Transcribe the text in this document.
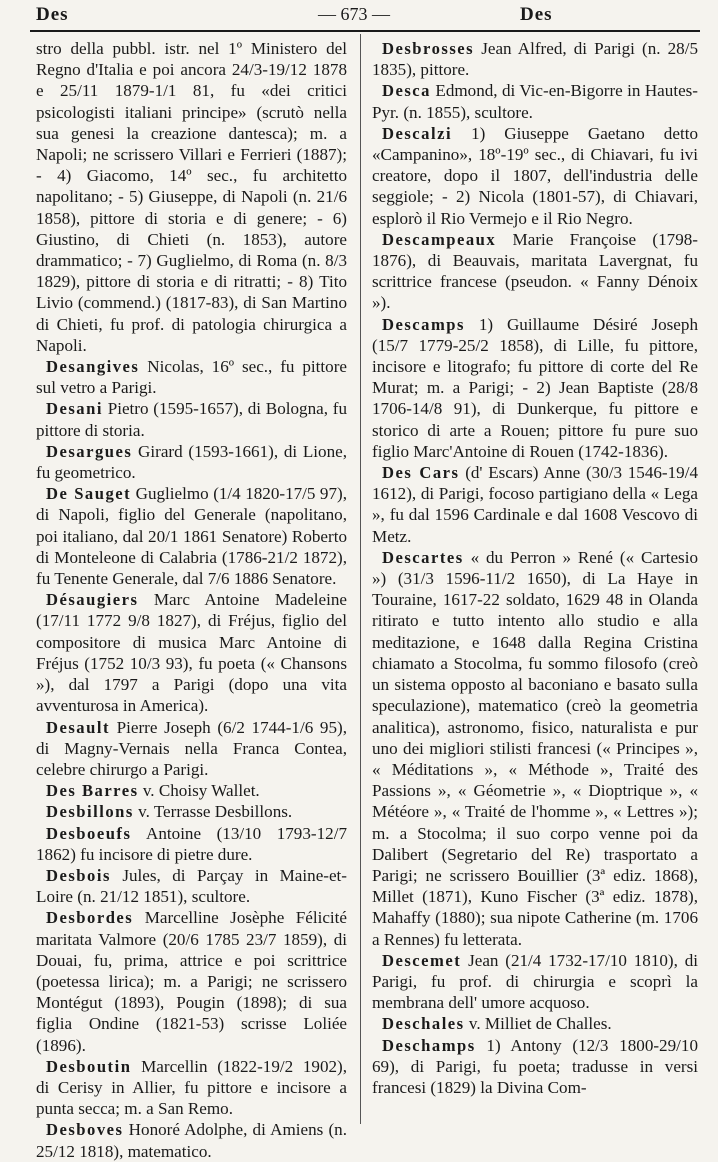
Des	— 673 —	Des

stro della pubbl. istr. nel 1º Ministero del Regno d'Italia e poi ancora 24/3-19/12 1878 e 25/11 1879-1/1 81, fu «dei critici psicologisti italiani principe» (scrutò nella sua genesi la creazione dantesca); m. a Napoli; ne scrissero Villari e Ferrieri (1887); - 4) Giacomo, 14º sec., fu architetto napolitano; - 5) Giuseppe, di Napoli (n. 21/6 1858), pittore di storia e di genere; - 6) Giustino, di Chieti (n. 1853), autore drammatico; - 7) Guglielmo, di Roma (n. 8/3 1829), pittore di storia e di ritratti; - 8) Tito Livio (commend.) (1817-83), di San Martino di Chieti, fu prof. di patologia chirurgica a Napoli.

Desangives Nicolas, 16º sec., fu pittore sul vetro a Parigi.

Desani Pietro (1595-1657), di Bologna, fu pittore di storia.

Desargues Girard (1593-1661), di Lione, fu geometrico.

De Sauget Guglielmo (1/4 1820-17/5 97), di Napoli, figlio del Generale (napolitano, poi italiano, dal 20/1 1861 Senatore) Roberto di Monteleone di Calabria (1786-21/2 1872), fu Tenente Generale, dal 7/6 1886 Senatore.

Désaugiers Marc Antoine Madeleine (17/11 1772 9/8 1827), di Fréjus, figlio del compositore di musica Marc Antoine di Fréjus (1752 10/3 93), fu poeta (« Chansons »), dal 1797 a Parigi (dopo una vita avventurosa in America).

Desault Pierre Joseph (6/2 1744-1/6 95), di Magny-Vernais nella Franca Contea, celebre chirurgo a Parigi.

Des Barres v. Choisy Wallet.

Desbillons v. Terrasse Desbillons.

Desboeufs Antoine (13/10 1793-12/7 1862) fu incisore di pietre dure.

Desbois Jules, di Parçay in Maine-et-Loire (n. 21/12 1851), scultore.

Desbordes Marcelline Josèphe Félicité maritata Valmore (20/6 1785 23/7 1859), di Douai, fu, prima, attrice e poi scrittrice (poetessa lirica); m. a Parigi; ne scrissero Montégut (1893), Pougin (1898); di sua figlia Ondine (1821-53) scrisse Loliée (1896).

Desboutin Marcellin (1822-19/2 1902), di Cerisy in Allier, fu pittore e incisore a punta secca; m. a San Remo.

Desboves Honoré Adolphe, di Amiens (n. 25/12 1818), matematico.

Desbrosses Jean Alfred, di Parigi (n. 28/5 1835), pittore.

Desca Edmond, di Vic-en-Bigorre in Hautes-Pyr. (n. 1855), scultore.

Descalzi 1) Giuseppe Gaetano detto «Campanino», 18º-19º sec., di Chiavari, fu ivi creatore, dopo il 1807, dell'industria delle seggiole; - 2) Nicola (1801-57), di Chiavari, esplorò il Rio Vermejo e il Rio Negro.

Descampeaux Marie Françoise (1798-1876), di Beauvais, maritata Lavergnat, fu scrittrice francese (pseudon. « Fanny Dénoix »).

Descamps 1) Guillaume Désiré Joseph (15/7 1779-25/2 1858), di Lille, fu pittore, incisore e litografo; fu pittore di corte del Re Murat; m. a Parigi; - 2) Jean Baptiste (28/8 1706-14/8 91), di Dunkerque, fu pittore e storico di arte a Rouen; pittore fu pure suo figlio Marc'Antoine di Rouen (1742-1836).

Des Cars (d' Escars) Anne (30/3 1546-19/4 1612), di Parigi, focoso partigiano della « Lega », fu dal 1596 Cardinale e dal 1608 Vescovo di Metz.

Descartes « du Perron » René (« Cartesio ») (31/3 1596-11/2 1650), di La Haye in Touraine, 1617-22 soldato, 1629 48 in Olanda ritirato e tutto intento allo studio e alla meditazione, e 1648 dalla Regina Cristina chiamato a Stocolma, fu sommo filosofo (creò un sistema opposto al baconiano e basato sulla speculazione), matematico (creò la geometria analitica), astronomo, fisico, naturalista e pur uno dei migliori stilisti francesi (« Principes », « Méditations », « Méthode », Traité des Passions », « Géometrie », « Dioptrique », « Météore », « Traité de l'homme », « Lettres »); m. a Stocolma; il suo corpo venne poi da Dalibert (Segretario del Re) trasportato a Parigi; ne scrissero Bouillier (3ª ediz. 1868), Millet (1871), Kuno Fischer (3ª ediz. 1878), Mahaffy (1880); sua nipote Catherine (m. 1706 a Rennes) fu letterata.

Descemet Jean (21/4 1732-17/10 1810), di Parigi, fu prof. di chirurgia e scoprì la membrana dell' umore acquoso.

Deschales v. Milliet de Challes.

Deschamps 1) Antony (12/3 1800-29/10 69), di Parigi, fu poeta; tradusse in versi francesi (1829) la Divina Com-
